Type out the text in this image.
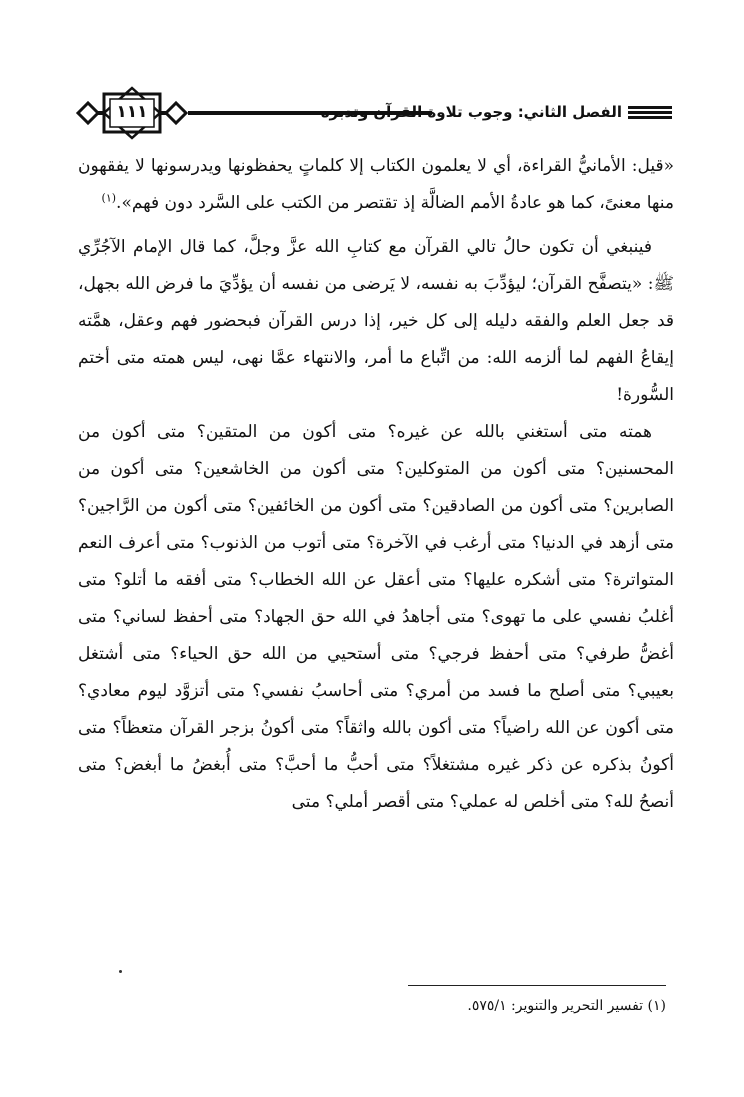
١١١	الفصل الثاني: وجوب تلاوة القرآن وتدبره

«قيل: الأمانيُّ القراءة، أي لا يعلمون الكتاب إلا كلماتٍ يحفظونها ويدرسونها لا يفقهون منها معنىً، كما هو عادةُ الأمم الضالَّة إذ تقتصر من الكتب على السَّرد دون فهم».$^{(١)}$

فينبغي أن تكون حالُ تالي القرآن مع كتابِ الله عزَّ وجلَّ، كما قال الإمام الآجُرِّي ﷺ: «يتصفَّح القرآن؛ ليؤدِّبَ به نفسه، لا يَرضى من نفسه أن يؤدِّيَ ما فرض الله بجهل، قد جعل العلم والفقه دليله إلى كل خير، إذا درس القرآن فبحضور فهم وعقل، همَّته إيقاعُ الفهم لما ألزمه الله: من اتِّباع ما أمر، والانتهاء عمَّا نهى، ليس همته متى أختم السُّورة!

همته متى أستغني بالله عن غيره؟ متى أكون من المتقين؟ متى أكون من المحسنين؟ متى أكون من المتوكلين؟ متى أكون من الخاشعين؟ متى أكون من الصابرين؟ متى أكون من الصادقين؟ متى أكون من الخائفين؟ متى أكون من الرَّاجين؟ متى أزهد في الدنيا؟ متى أرغب في الآخرة؟ متى أتوب من الذنوب؟ متى أعرف النعم المتواترة؟ متى أشكره عليها؟ متى أعقل عن الله الخطاب؟ متى أفقه ما أتلو؟ متى أغلبُ نفسي على ما تهوى؟ متى أجاهدُ في الله حق الجهاد؟ متى أحفظ لساني؟ متى أغضُّ طرفي؟ متى أحفظ فرجي؟ متى أستحيي من الله حق الحياء؟ متى أشتغل بعيبي؟ متى أصلح ما فسد من أمري؟ متى أحاسبُ نفسي؟ متى أتزوَّد ليوم معادي؟ متى أكون عن الله راضياً؟ متى أكون بالله واثقاً؟ متى أكونُ بزجر القرآن متعظاً؟ متى أكونُ بذكره عن ذكر غيره مشتغلاً؟ متى أحبُّ ما أحبَّ؟ متى أُبغضُ ما أبغض؟ متى أنصحُ لله؟ متى أخلص له عملي؟ متى أقصر أملي؟ متى

(١) تفسير التحرير والتنوير: ٥٧٥/١.
